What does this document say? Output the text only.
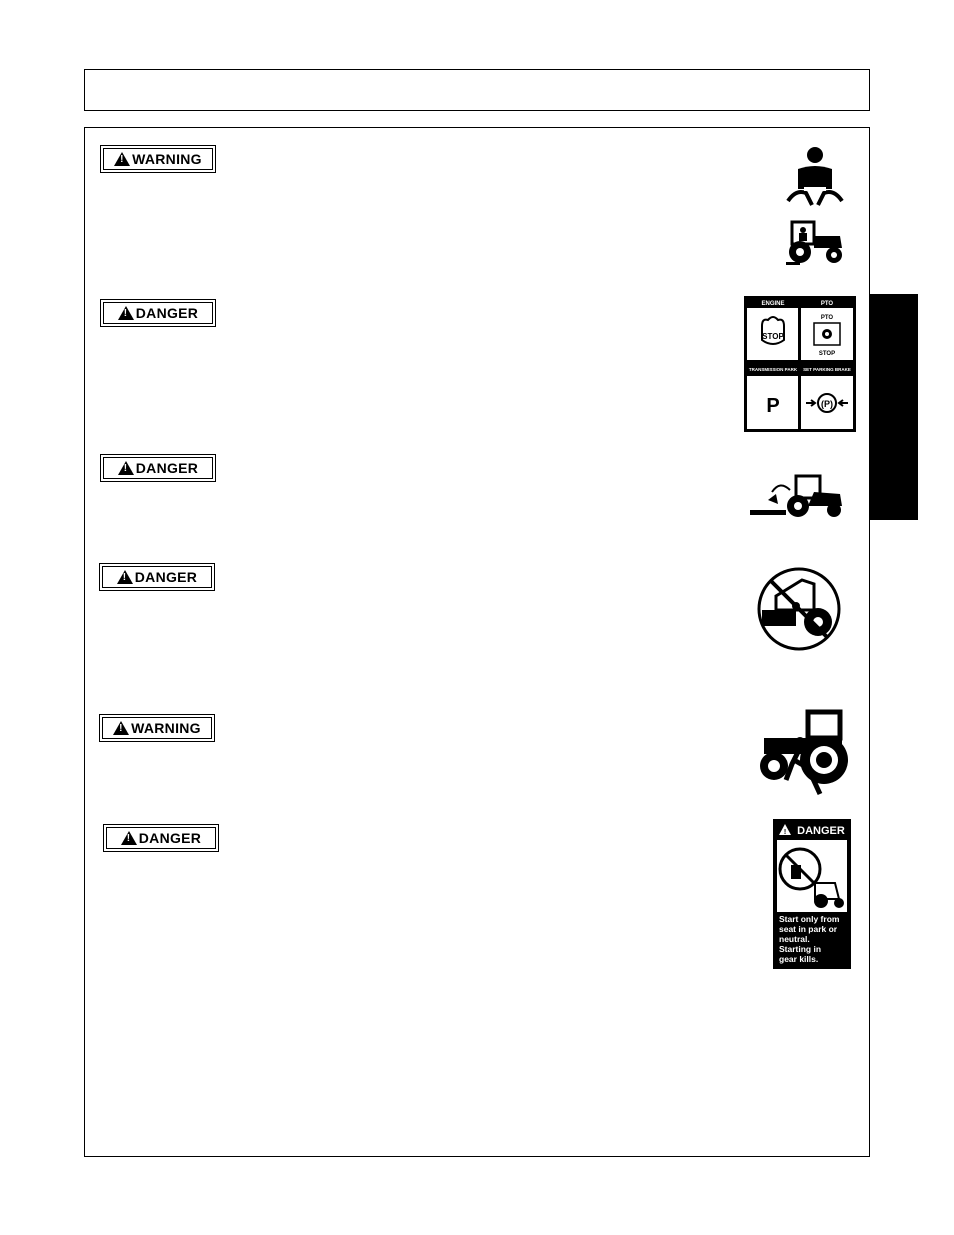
!
WARNING
!
DANGER
!
DANGER
!
DANGER
!
WARNING
!
DANGER
ENGINE	PTO
TRANSMISSION PARK SET PARKING BRAKE
STOP
PTO
STOP
P	(P)
! DANGER
Start only from
seat in park or
neutral.
Starting in
gear kills.
